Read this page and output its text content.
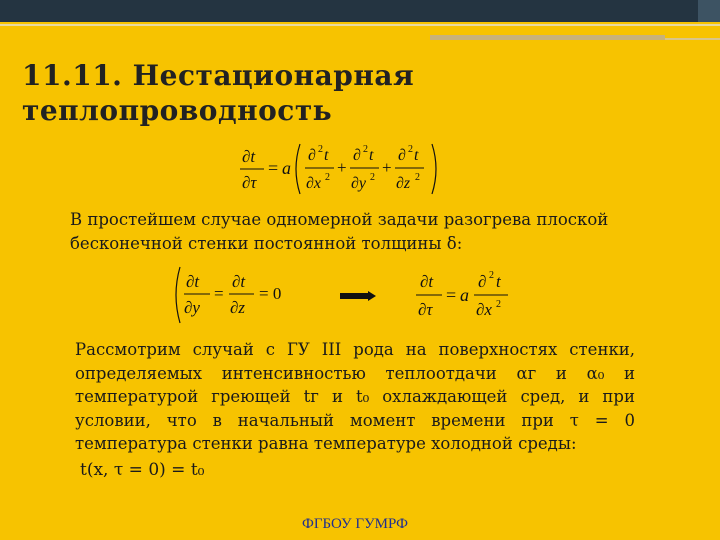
11.11. Нестационарная
теплопроводность
∂t
∂τ
= a
∂ 2 t
∂x 2
+
∂ 2 t
∂y 2
+
∂ 2 t
∂z 2
В простейшем случае одномерной задачи разогрева плоской
бесконечной стенки постоянной толщины δ:
∂t
∂y
=
∂t
∂z
= 0
∂t
∂τ
= a
∂ 2 t
∂x 2
Рассмотрим случай с ГУ III рода на поверхностях стенки,
определяемых интенсивностью теплоотдачи αг и α₀ и
температурой греющей tг и t₀ охлаждающей сред, и при
условии, что в начальный момент времени при τ = 0
температура стенки равна температуре холодной среды:
t(x, τ = 0) = t₀
ФГБОУ ГУМРФ
